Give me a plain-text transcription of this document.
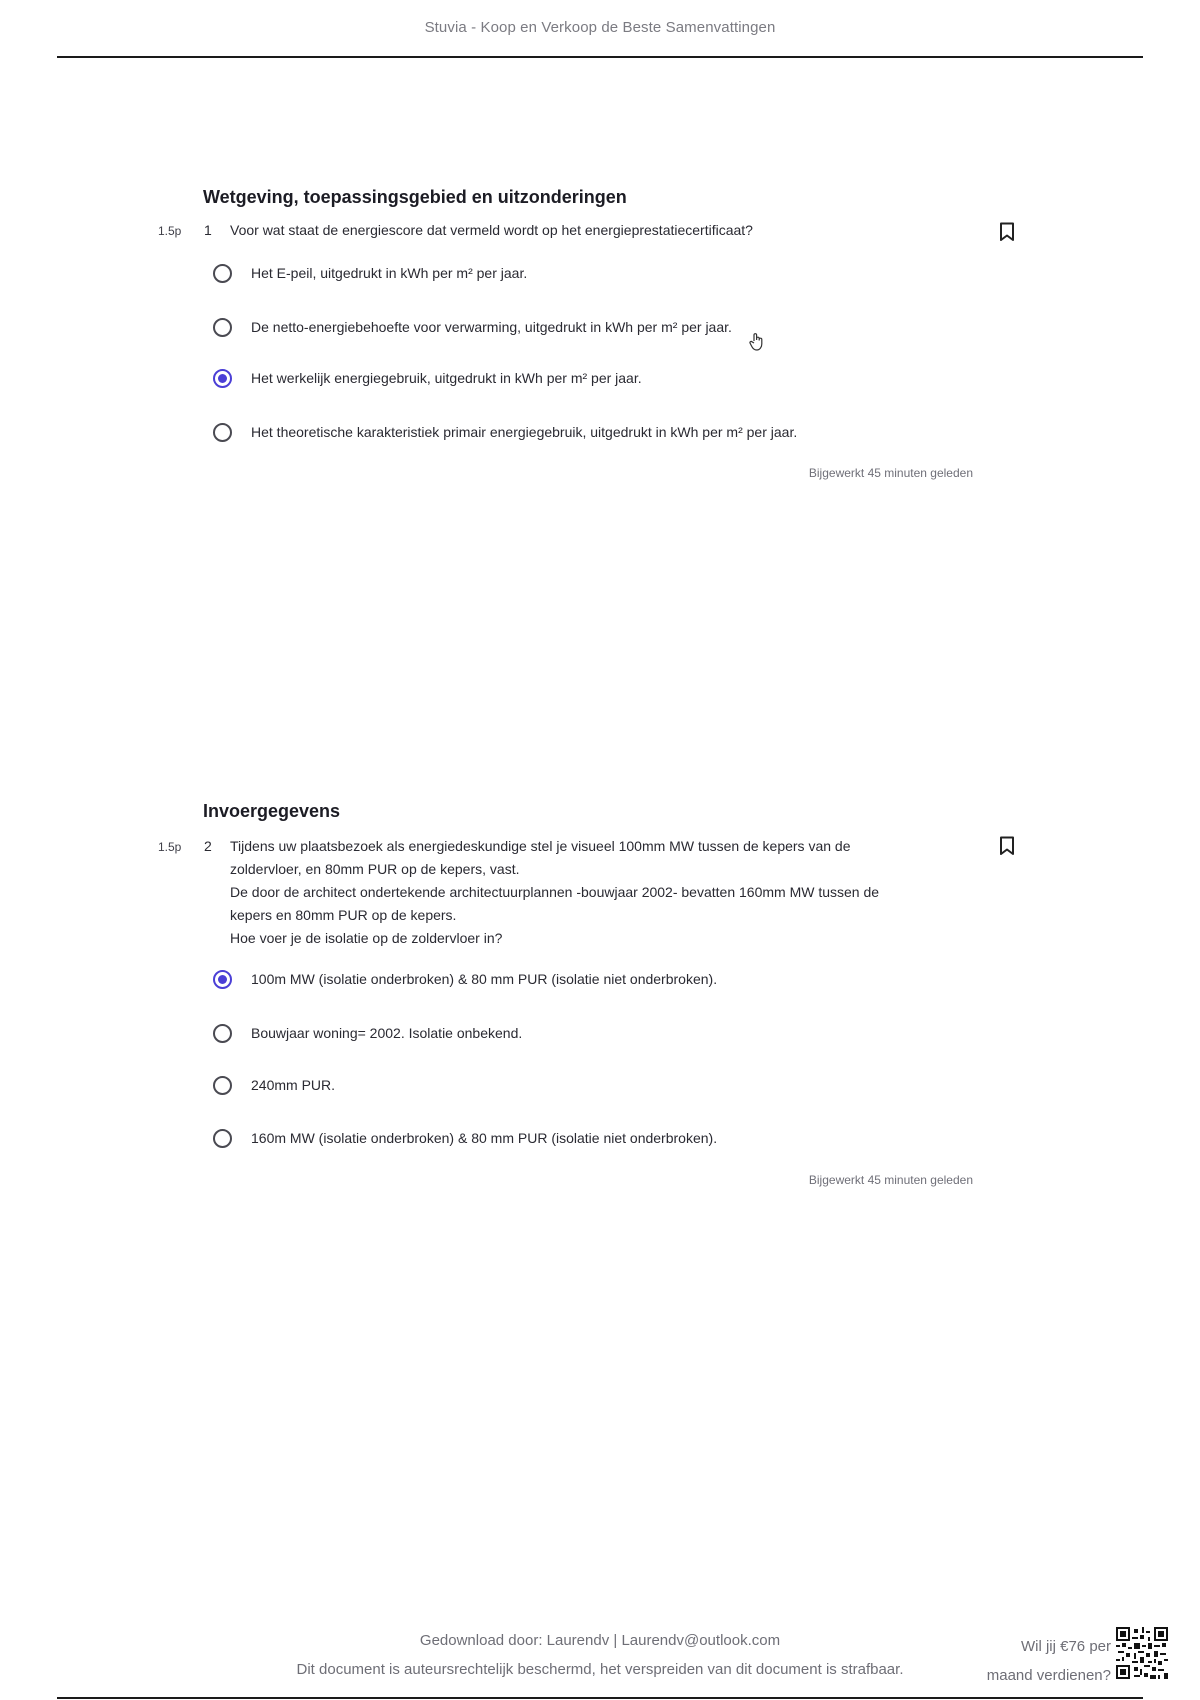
Stuvia - Koop en Verkoop de Beste Samenvattingen
Wetgeving, toepassingsgebied en uitzonderingen
1.5p 1 Voor wat staat de energiescore dat vermeld wordt op het energieprestatiecertificaat?
Het E-peil, uitgedrukt in kWh per m² per jaar.
De netto-energiebehoefte voor verwarming, uitgedrukt in kWh per m² per jaar.
Het werkelijk energiegebruik, uitgedrukt in kWh per m² per jaar.
Het theoretische karakteristiek primair energiegebruik, uitgedrukt in kWh per m² per jaar.
Bijgewerkt 45 minuten geleden
Invoergegevens
1.5p 2 Tijdens uw plaatsbezoek als energiedeskundige stel je visueel 100mm MW tussen de kepers van de
zoldervloer, en 80mm PUR op de kepers, vast.
De door de architect ondertekende architectuurplannen -bouwjaar 2002- bevatten 160mm MW tussen de
kepers en 80mm PUR op de kepers.
Hoe voer je de isolatie op de zoldervloer in?
100m MW (isolatie onderbroken) & 80 mm PUR (isolatie niet onderbroken).
Bouwjaar woning= 2002. Isolatie onbekend.
240mm PUR.
160m MW (isolatie onderbroken) & 80 mm PUR (isolatie niet onderbroken).
Bijgewerkt 45 minuten geleden
Gedownload door: Laurendv | Laurendv@outlook.com
Dit document is auteursrechtelijk beschermd, het verspreiden van dit document is strafbaar.
Wil jij €76 per
maand verdienen?
